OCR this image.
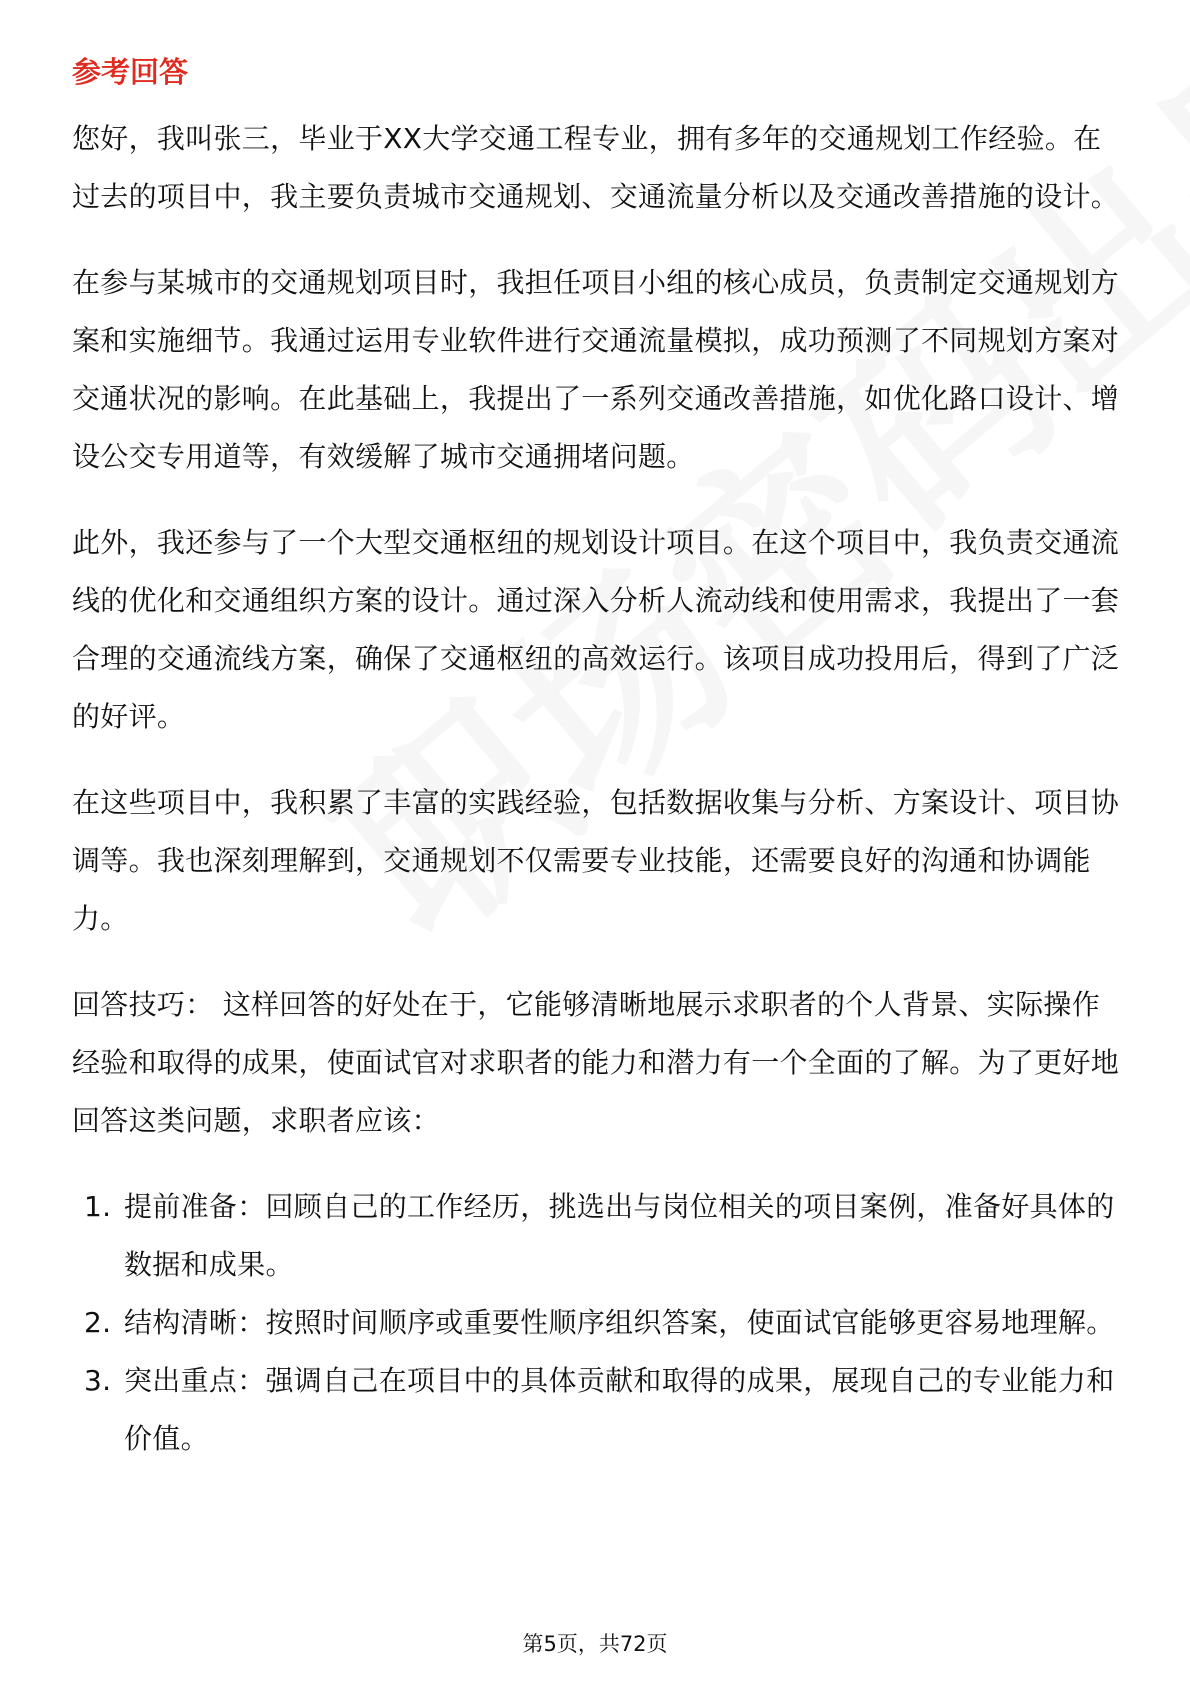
参考回答

您好，我叫张三，毕业于XX大学交通工程专业，拥有多年的交通规划工作经验。在过去的项目中，我主要负责城市交通规划、交通流量分析以及交通改善措施的设计。

在参与某城市的交通规划项目时，我担任项目小组的核心成员，负责制定交通规划方案和实施细节。我通过运用专业软件进行交通流量模拟，成功预测了不同规划方案对交通状况的影响。在此基础上，我提出了一系列交通改善措施，如优化路口设计、增设公交专用道等，有效缓解了城市交通拥堵问题。

此外，我还参与了一个大型交通枢纽的规划设计项目。在这个项目中，我负责交通流线的优化和交通组织方案的设计。通过深入分析人流动线和使用需求，我提出了一套合理的交通流线方案，确保了交通枢纽的高效运行。该项目成功投用后，得到了广泛的好评。

在这些项目中，我积累了丰富的实践经验，包括数据收集与分析、方案设计、项目协调等。我也深刻理解到，交通规划不仅需要专业技能，还需要良好的沟通和协调能力。

回答技巧： 这样回答的好处在于，它能够清晰地展示求职者的个人背景、实际操作经验和取得的成果，使面试官对求职者的能力和潜力有一个全面的了解。为了更好地回答这类问题，求职者应该：

1. 提前准备：回顾自己的工作经历，挑选出与岗位相关的项目案例，准备好具体的数据和成果。
2. 结构清晰：按照时间顺序或重要性顺序组织答案，使面试官能够更容易地理解。
3. 突出重点：强调自己在项目中的具体贡献和取得的成果，展现自己的专业能力和价值。
第5页，共72页
